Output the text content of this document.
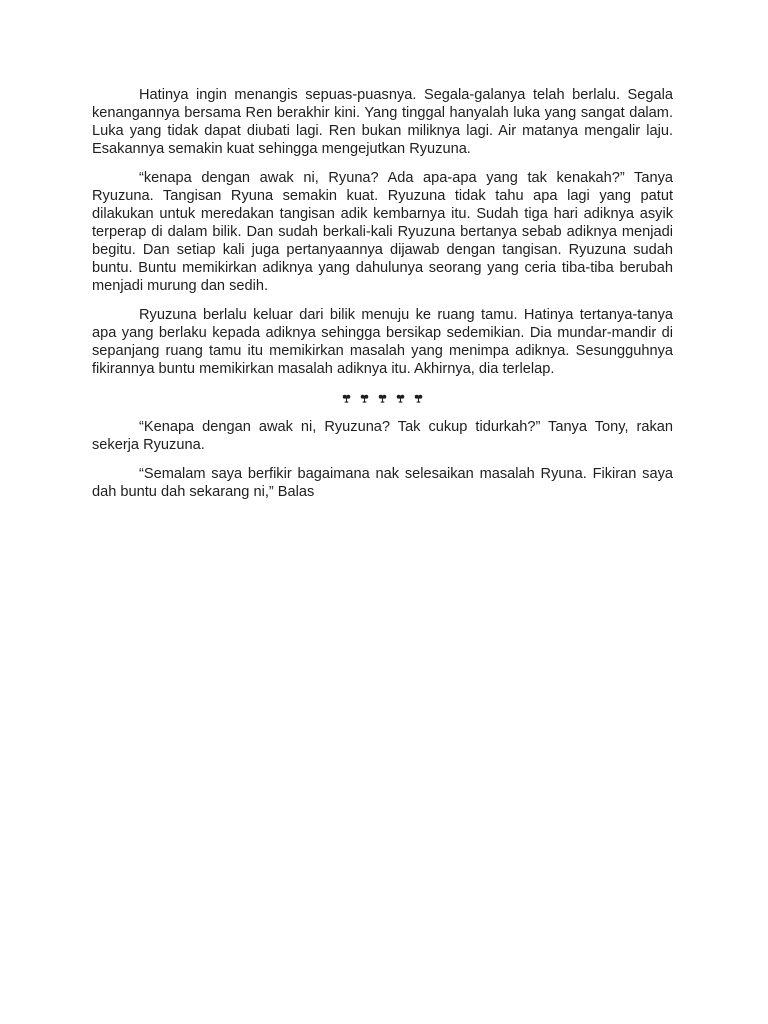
Hatinya ingin menangis sepuas-puasnya. Segala-galanya telah berlalu. Segala kenangannya bersama Ren berakhir kini. Yang tinggal hanyalah luka yang sangat dalam. Luka yang tidak dapat diubati lagi. Ren bukan miliknya lagi. Air matanya mengalir laju. Esakannya semakin kuat sehingga mengejutkan Ryuzuna.

“kenapa dengan awak ni, Ryuna? Ada apa-apa yang tak kenakah?” Tanya Ryuzuna. Tangisan Ryuna semakin kuat. Ryuzuna tidak tahu apa lagi yang patut dilakukan untuk meredakan tangisan adik kembarnya itu. Sudah tiga hari adiknya asyik terperap di dalam bilik. Dan sudah berkali-kali Ryuzuna bertanya sebab adiknya menjadi begitu. Dan setiap kali juga pertanyaannya dijawab dengan tangisan. Ryuzuna sudah buntu. Buntu memikirkan adiknya yang dahulunya seorang yang ceria tiba-tiba berubah menjadi murung dan sedih.

Ryuzuna berlalu keluar dari bilik menuju ke ruang tamu. Hatinya tertanya-tanya apa yang berlaku kepada adiknya sehingga bersikap sedemikian. Dia mundar-mandir di sepanjang ruang tamu itu memikirkan masalah yang menimpa adiknya. Sesungguhnya fikirannya buntu memikirkan masalah adiknya itu. Akhirnya, dia terlelap.

“Kenapa dengan awak ni, Ryuzuna? Tak cukup tidurkah?” Tanya Tony, rakan sekerja Ryuzuna.

“Semalam saya berfikir bagaimana nak selesaikan masalah Ryuna. Fikiran saya dah buntu dah sekarang ni,” Balas
